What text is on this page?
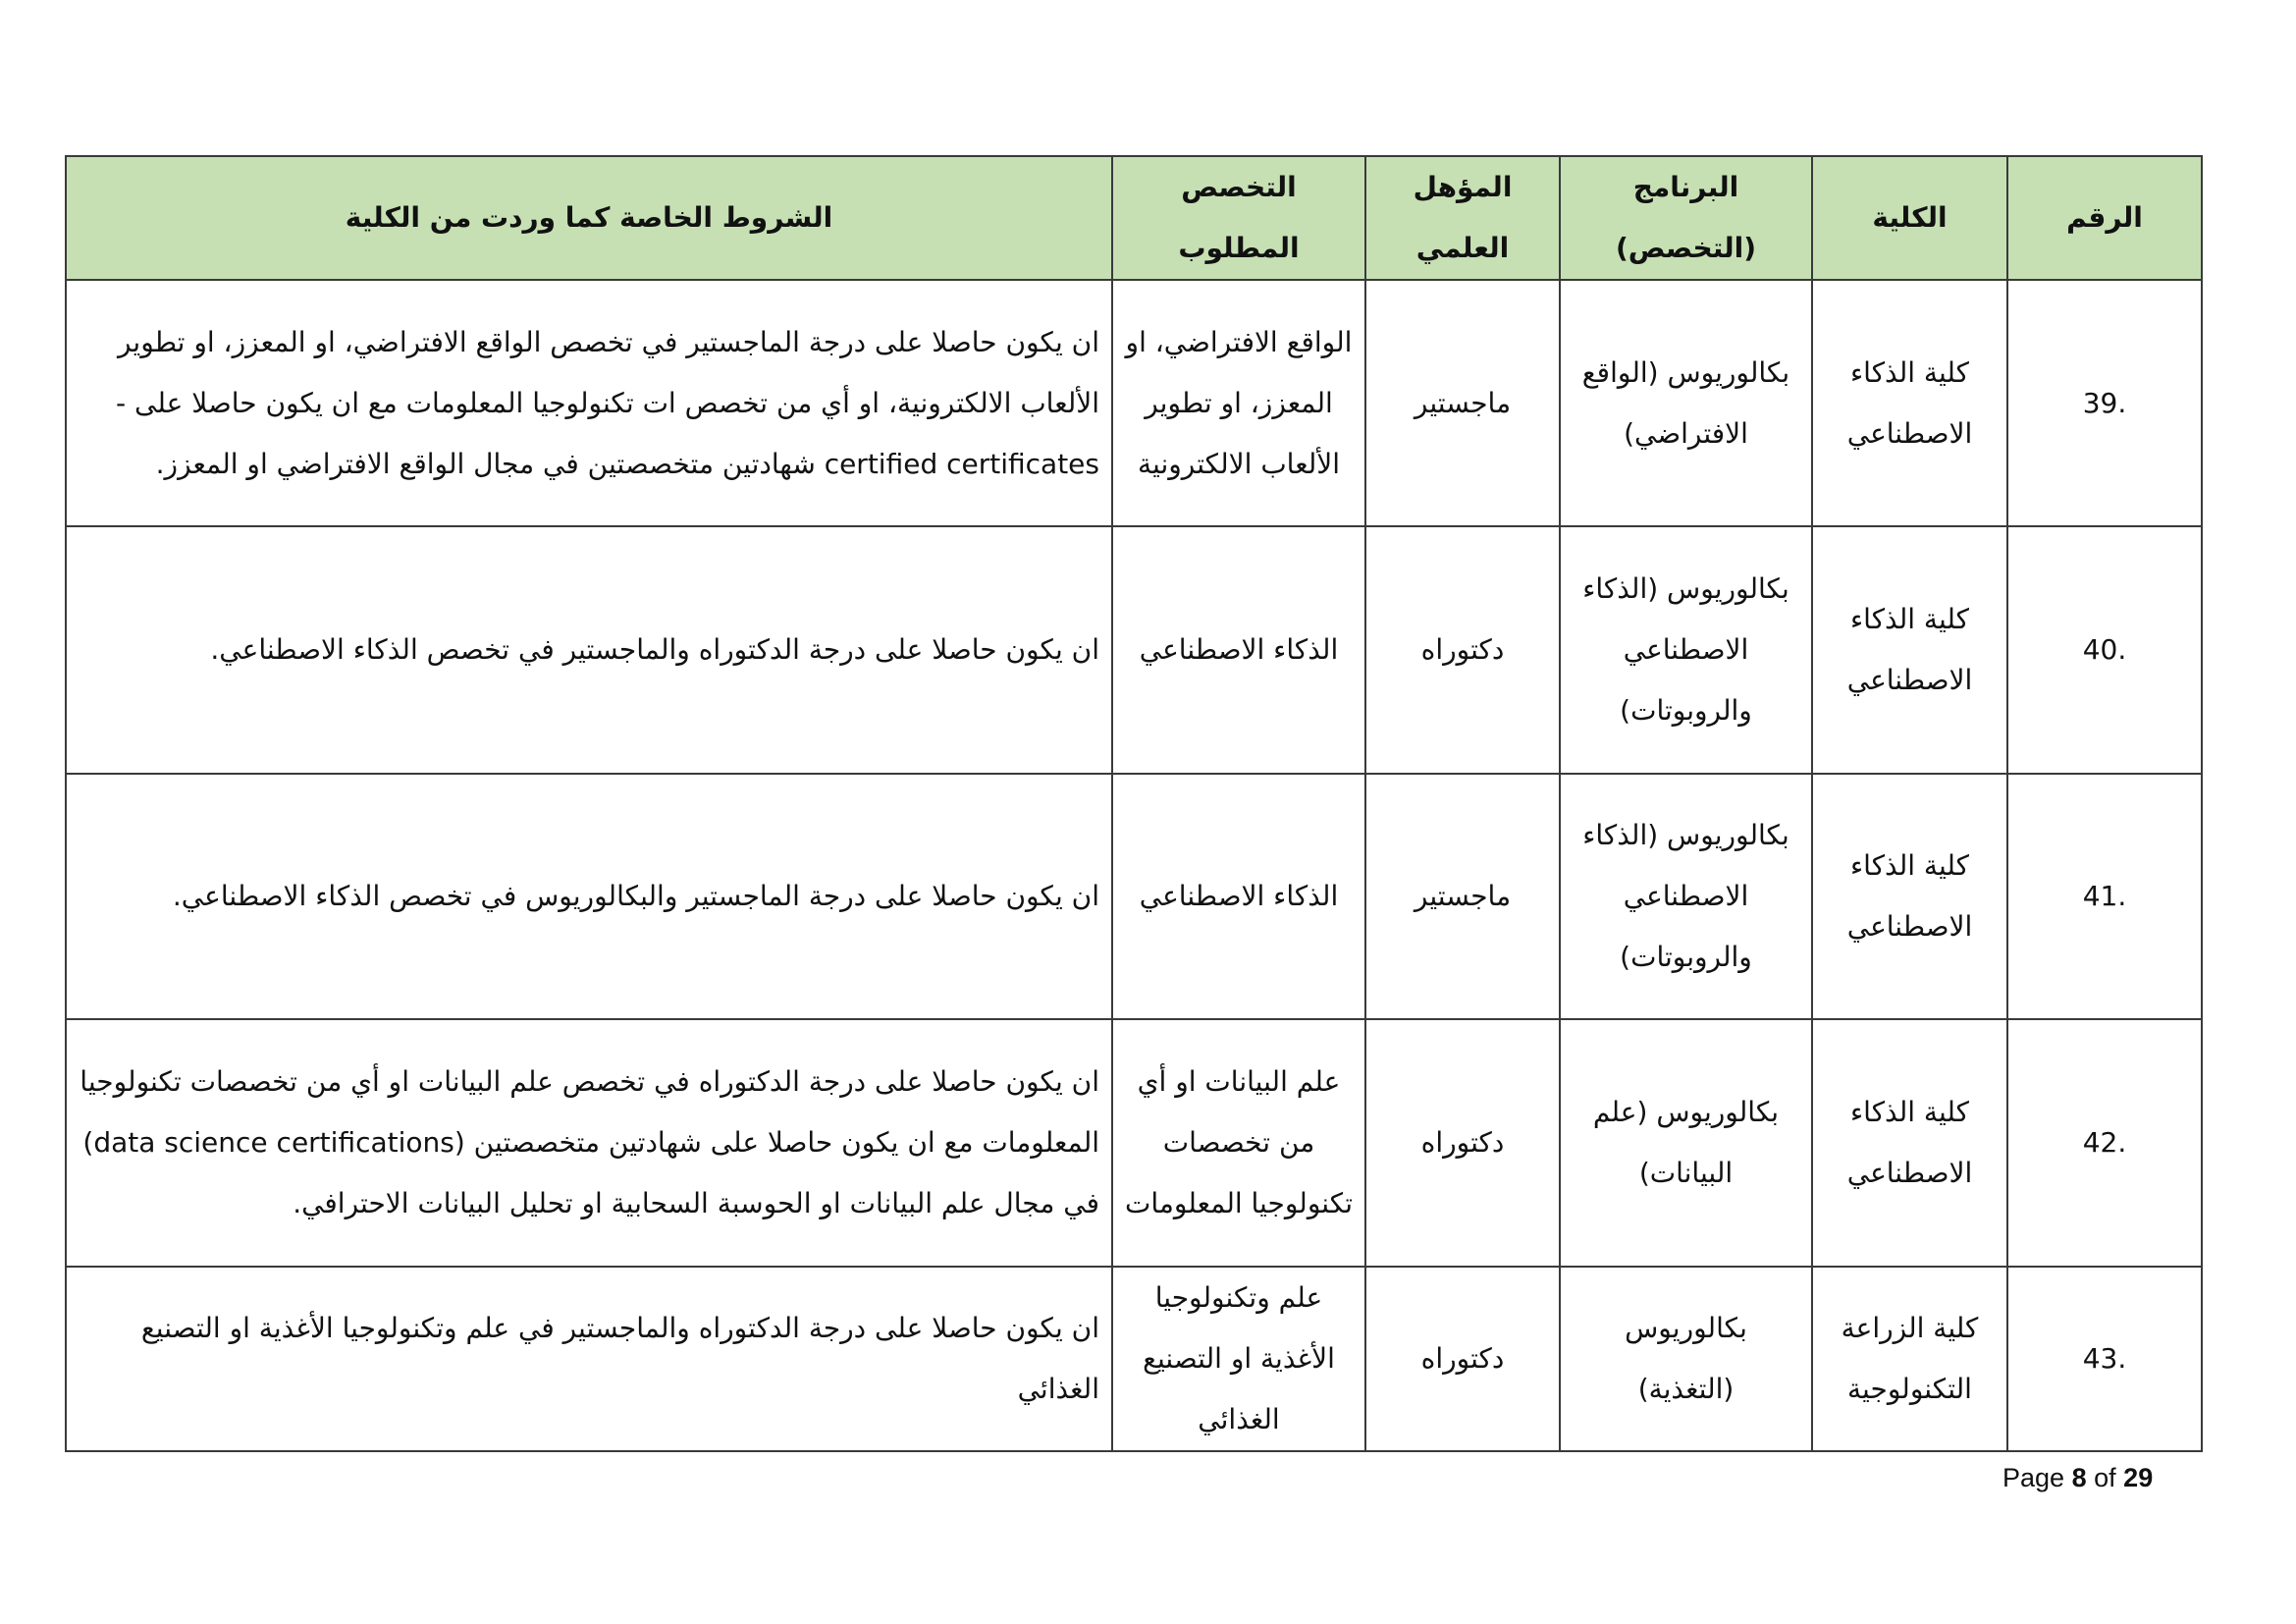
الرقم	الكلية	البرنامج (التخصص)	المؤهل العلمي	التخصص المطلوب	الشروط الخاصة كما وردت من الكلية
39.	كلية الذكاء الاصطناعي	بكالوريوس (الواقع الافتراضي)	ماجستير	الواقع الافتراضي، او المعزز، او تطوير الألعاب الالكترونية	ان يكون حاصلا على درجة الماجستير في تخصص الواقع الافتراضي، او المعزز، او تطوير الألعاب الالكترونية، او أي من تخصص ات تكنولوجيا المعلومات مع ان يكون حاصلا على - certified certificates شهادتين متخصصتين في مجال الواقع الافتراضي او المعزز.
40.	كلية الذكاء الاصطناعي	بكالوريوس (الذكاء الاصطناعي والروبوتات)	دكتوراه	الذكاء الاصطناعي	ان يكون حاصلا على درجة الدكتوراه والماجستير في تخصص الذكاء الاصطناعي.
41.	كلية الذكاء الاصطناعي	بكالوريوس (الذكاء الاصطناعي والروبوتات)	ماجستير	الذكاء الاصطناعي	ان يكون حاصلا على درجة الماجستير والبكالوريوس في تخصص الذكاء الاصطناعي.
42.	كلية الذكاء الاصطناعي	بكالوريوس (علم البيانات)	دكتوراه	علم البيانات او أي من تخصصات تكنولوجيا المعلومات	ان يكون حاصلا على درجة الدكتوراه في تخصص علم البيانات او أي من تخصصات تكنولوجيا المعلومات مع ان يكون حاصلا على شهادتين متخصصتين (data science certifications) في مجال علم البيانات او الحوسبة السحابية او تحليل البيانات الاحترافي.
43.	كلية الزراعة التكنولوجية	بكالوريوس (التغذية)	دكتوراه	علم وتكنولوجيا الأغذية او التصنيع الغذائي	ان يكون حاصلا على درجة الدكتوراه والماجستير في علم وتكنولوجيا الأغذية او التصنيع الغذائي
Page 8 of 29
